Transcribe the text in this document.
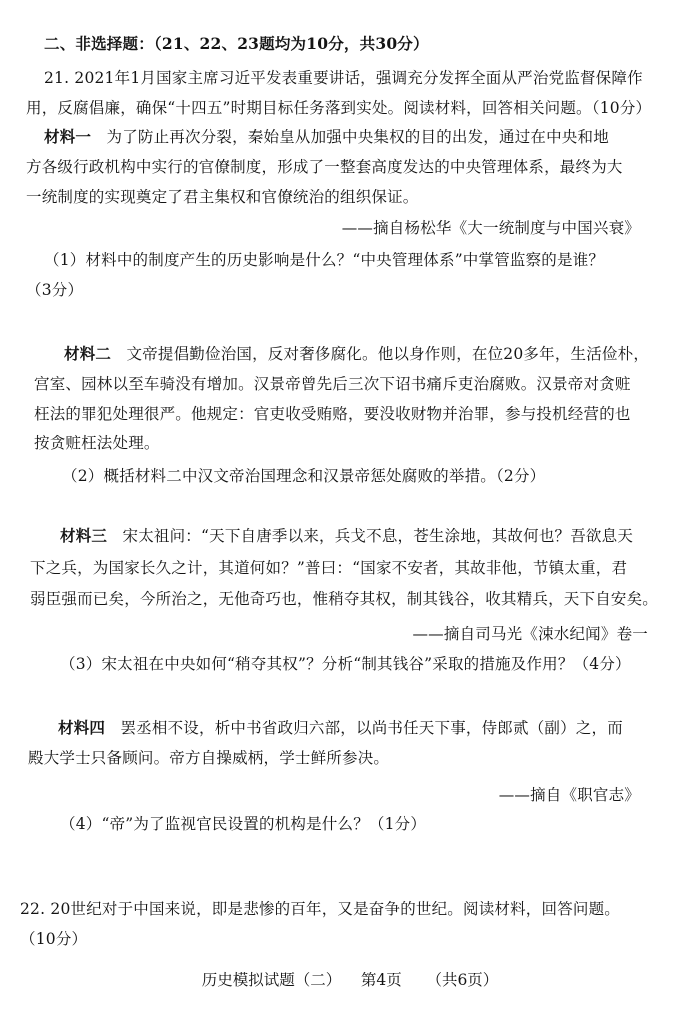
二、非选择题：（21、22、23题均为10分，共30分）
21. 2021年1月国家主席习近平发表重要讲话，强调充分发挥全面从严治党监督保障作
用，反腐倡廉，确保“十四五”时期目标任务落到实处。阅读材料，回答相关问题。（10分）
材料一 为了防止再次分裂，秦始皇从加强中央集权的目的出发，通过在中央和地
方各级行政机构中实行的官僚制度，形成了一整套高度发达的中央管理体系，最终为大
一统制度的实现奠定了君主集权和官僚统治的组织保证。
——摘自杨松华《大一统制度与中国兴衰》
（1）材料中的制度产生的历史影响是什么？“中央管理体系”中掌管监察的是谁？
（3分）
材料二 文帝提倡勤俭治国，反对奢侈腐化。他以身作则，在位20多年，生活俭朴，
宫室、园林以至车骑没有增加。汉景帝曾先后三次下诏书痛斥吏治腐败。汉景帝对贪赃
枉法的罪犯处理很严。他规定：官吏收受贿赂，要没收财物并治罪，参与投机经营的也
按贪赃枉法处理。
（2）概括材料二中汉文帝治国理念和汉景帝惩处腐败的举措。（2分）
材料三 宋太祖问：“天下自唐季以来，兵戈不息，苍生涂地，其故何也？吾欲息天
下之兵，为国家长久之计，其道何如？”普曰：“国家不安者，其故非他，节镇太重，君
弱臣强而已矣，今所治之，无他奇巧也，惟稍夺其权，制其钱谷，收其精兵，天下自安矣。
——摘自司马光《涑水纪闻》卷一
（3）宋太祖在中央如何“稍夺其权”？分析“制其钱谷”采取的措施及作用？（4分）
材料四 罢丞相不设，析中书省政归六部，以尚书任天下事，侍郎贰（副）之，而
殿大学士只备顾问。帝方自操威柄，学士鲜所参决。
——摘自《职官志》
（4）“帝”为了监视官民设置的机构是什么？（1分）
22. 20世纪对于中国来说，即是悲惨的百年，又是奋争的世纪。阅读材料，回答问题。
（10分）
历史模拟试题（二） 第4页 （共6页）
